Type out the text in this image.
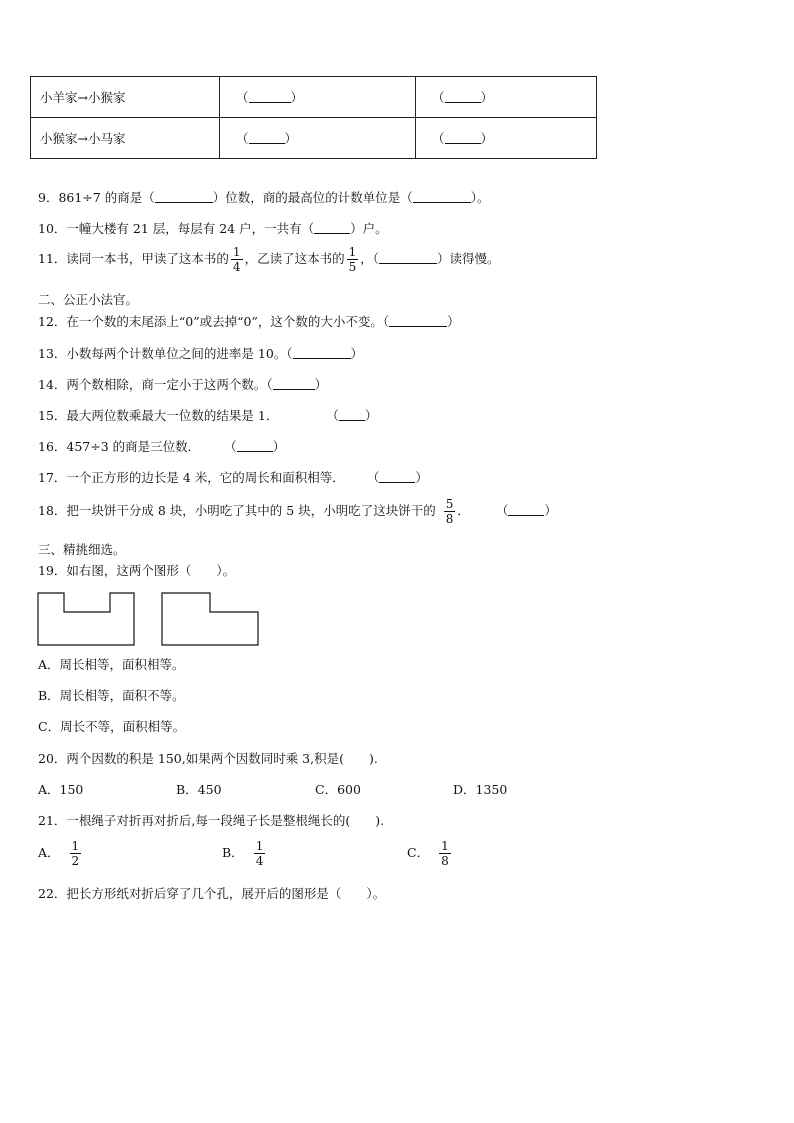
小羊家→小猴家	（ ）	（ ）
小猴家→小马家	（ ）	（ ）
9．861÷7 的商是（	）位数，商的最高位的计数单位是（	）。
10．一幢大楼有 21 层，每层有 24 户，一共有（	）户。
11．读同一本书，甲读了这本书的 $\frac{1}{4}$ ，乙读了这本书的 $\frac{1}{5}$ ，（	）读得慢。
二、公正小法官。
12．在一个数的末尾添上“0”或去掉“0”，这个数的大小不变。（	）
13．小数每两个计数单位之间的进率是 10。（	）
14．两个数相除，商一定小于这两个数。（	）
15．最大两位数乘最大一位数的结果是 1．	（ ）
16．457÷3 的商是三位数． （	）
17．一个正方形的边长是 4 米，它的周长和面积相等． （	）
18．把一块饼干分成 8 块，小明吃了其中的 5 块，小明吃了这块饼干的 $\frac{5}{8}$ ． （	）
三、精挑细选。
19．如右图，这两个图形（　　）。
A．周长相等，面积相等。
B．周长相等，面积不等。
C．周长不等，面积相等。
20．两个因数的积是 150,如果两个因数同时乘 3,积是(　　).
A．150	B．450	C．600	D．1350
21．一根绳子对折再对折后,每一段绳子长是整根绳长的(　　).
A． $\frac{1}{2}$	B． $\frac{1}{4}$	C． $\frac{1}{8}$
22．把长方形纸对折后穿了几个孔，展开后的图形是（　　）。
